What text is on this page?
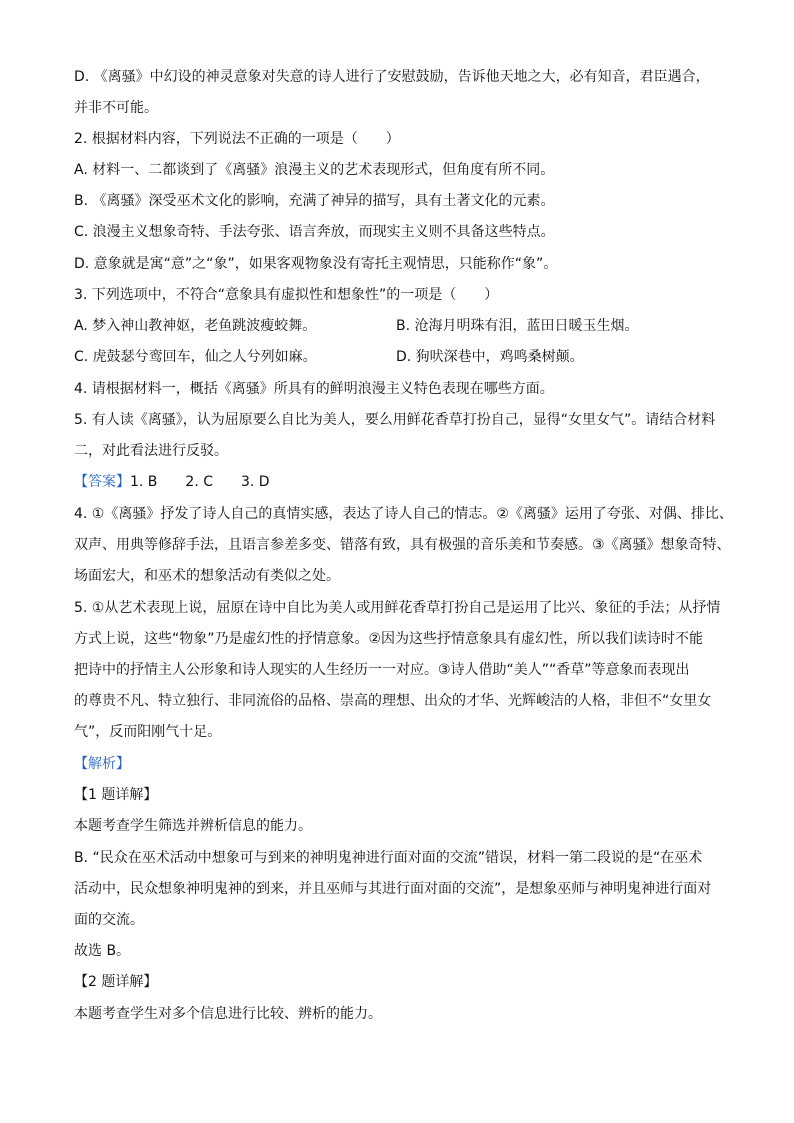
D. 《离骚》中幻设的神灵意象对失意的诗人进行了安慰鼓励，告诉他天地之大，必有知音，君臣遇合，
并非不可能。
2. 根据材料内容，下列说法不正确的一项是（　　）
A. 材料一、二都谈到了《离骚》浪漫主义的艺术表现形式，但角度有所不同。
B. 《离骚》深受巫术文化的影响，充满了神异的描写，具有土著文化的元素。
C. 浪漫主义想象奇特、手法夸张、语言奔放，而现实主义则不具备这些特点。
D. 意象就是寓“意”之“象”，如果客观物象没有寄托主观情思，只能称作“象”。
3. 下列选项中，不符合“意象具有虚拟性和想象性”的一项是（　　）
A. 梦入神山教神妪，老鱼跳波瘦蛟舞。	B. 沧海月明珠有泪，蓝田日暖玉生烟。
C. 虎鼓瑟兮鸾回车，仙之人兮列如麻。	D. 狗吠深巷中，鸡鸣桑树颠。
4. 请根据材料一，概括《离骚》所具有的鲜明浪漫主义特色表现在哪些方面。
5. 有人读《离骚》，认为屈原要么自比为美人，要么用鲜花香草打扮自己，显得“女里女气”。请结合材料
二，对此看法进行反驳。
【答案】1. B　　2. C　　3. D
4. ①《离骚》抒发了诗人自己的真情实感，表达了诗人自己的情志。②《离骚》运用了夸张、对偶、排比、
双声、用典等修辞手法，且语言参差多变、错落有致，具有极强的音乐美和节奏感。③《离骚》想象奇特、
场面宏大，和巫术的想象活动有类似之处。
5. ①从艺术表现上说，屈原在诗中自比为美人或用鲜花香草打扮自己是运用了比兴、象征的手法；从抒情
方式上说，这些“物象”乃是虚幻性的抒情意象。②因为这些抒情意象具有虚幻性，所以我们读诗时不能
把诗中的抒情主人公形象和诗人现实的人生经历一一对应。③诗人借助“美人”“香草”等意象而表现出
的尊贵不凡、特立独行、非同流俗的品格、崇高的理想、出众的才华、光辉峻洁的人格，非但不“女里女
气”，反而阳刚气十足。
【解析】
【1 题详解】
本题考查学生筛选并辨析信息的能力。
B. “民众在巫术活动中想象可与到来的神明鬼神进行面对面的交流”错误，材料一第二段说的是“在巫术
活动中，民众想象神明鬼神的到来，并且巫师与其进行面对面的交流”，是想象巫师与神明鬼神进行面对
面的交流。
故选 B。
【2 题详解】
本题考查学生对多个信息进行比较、辨析的能力。
